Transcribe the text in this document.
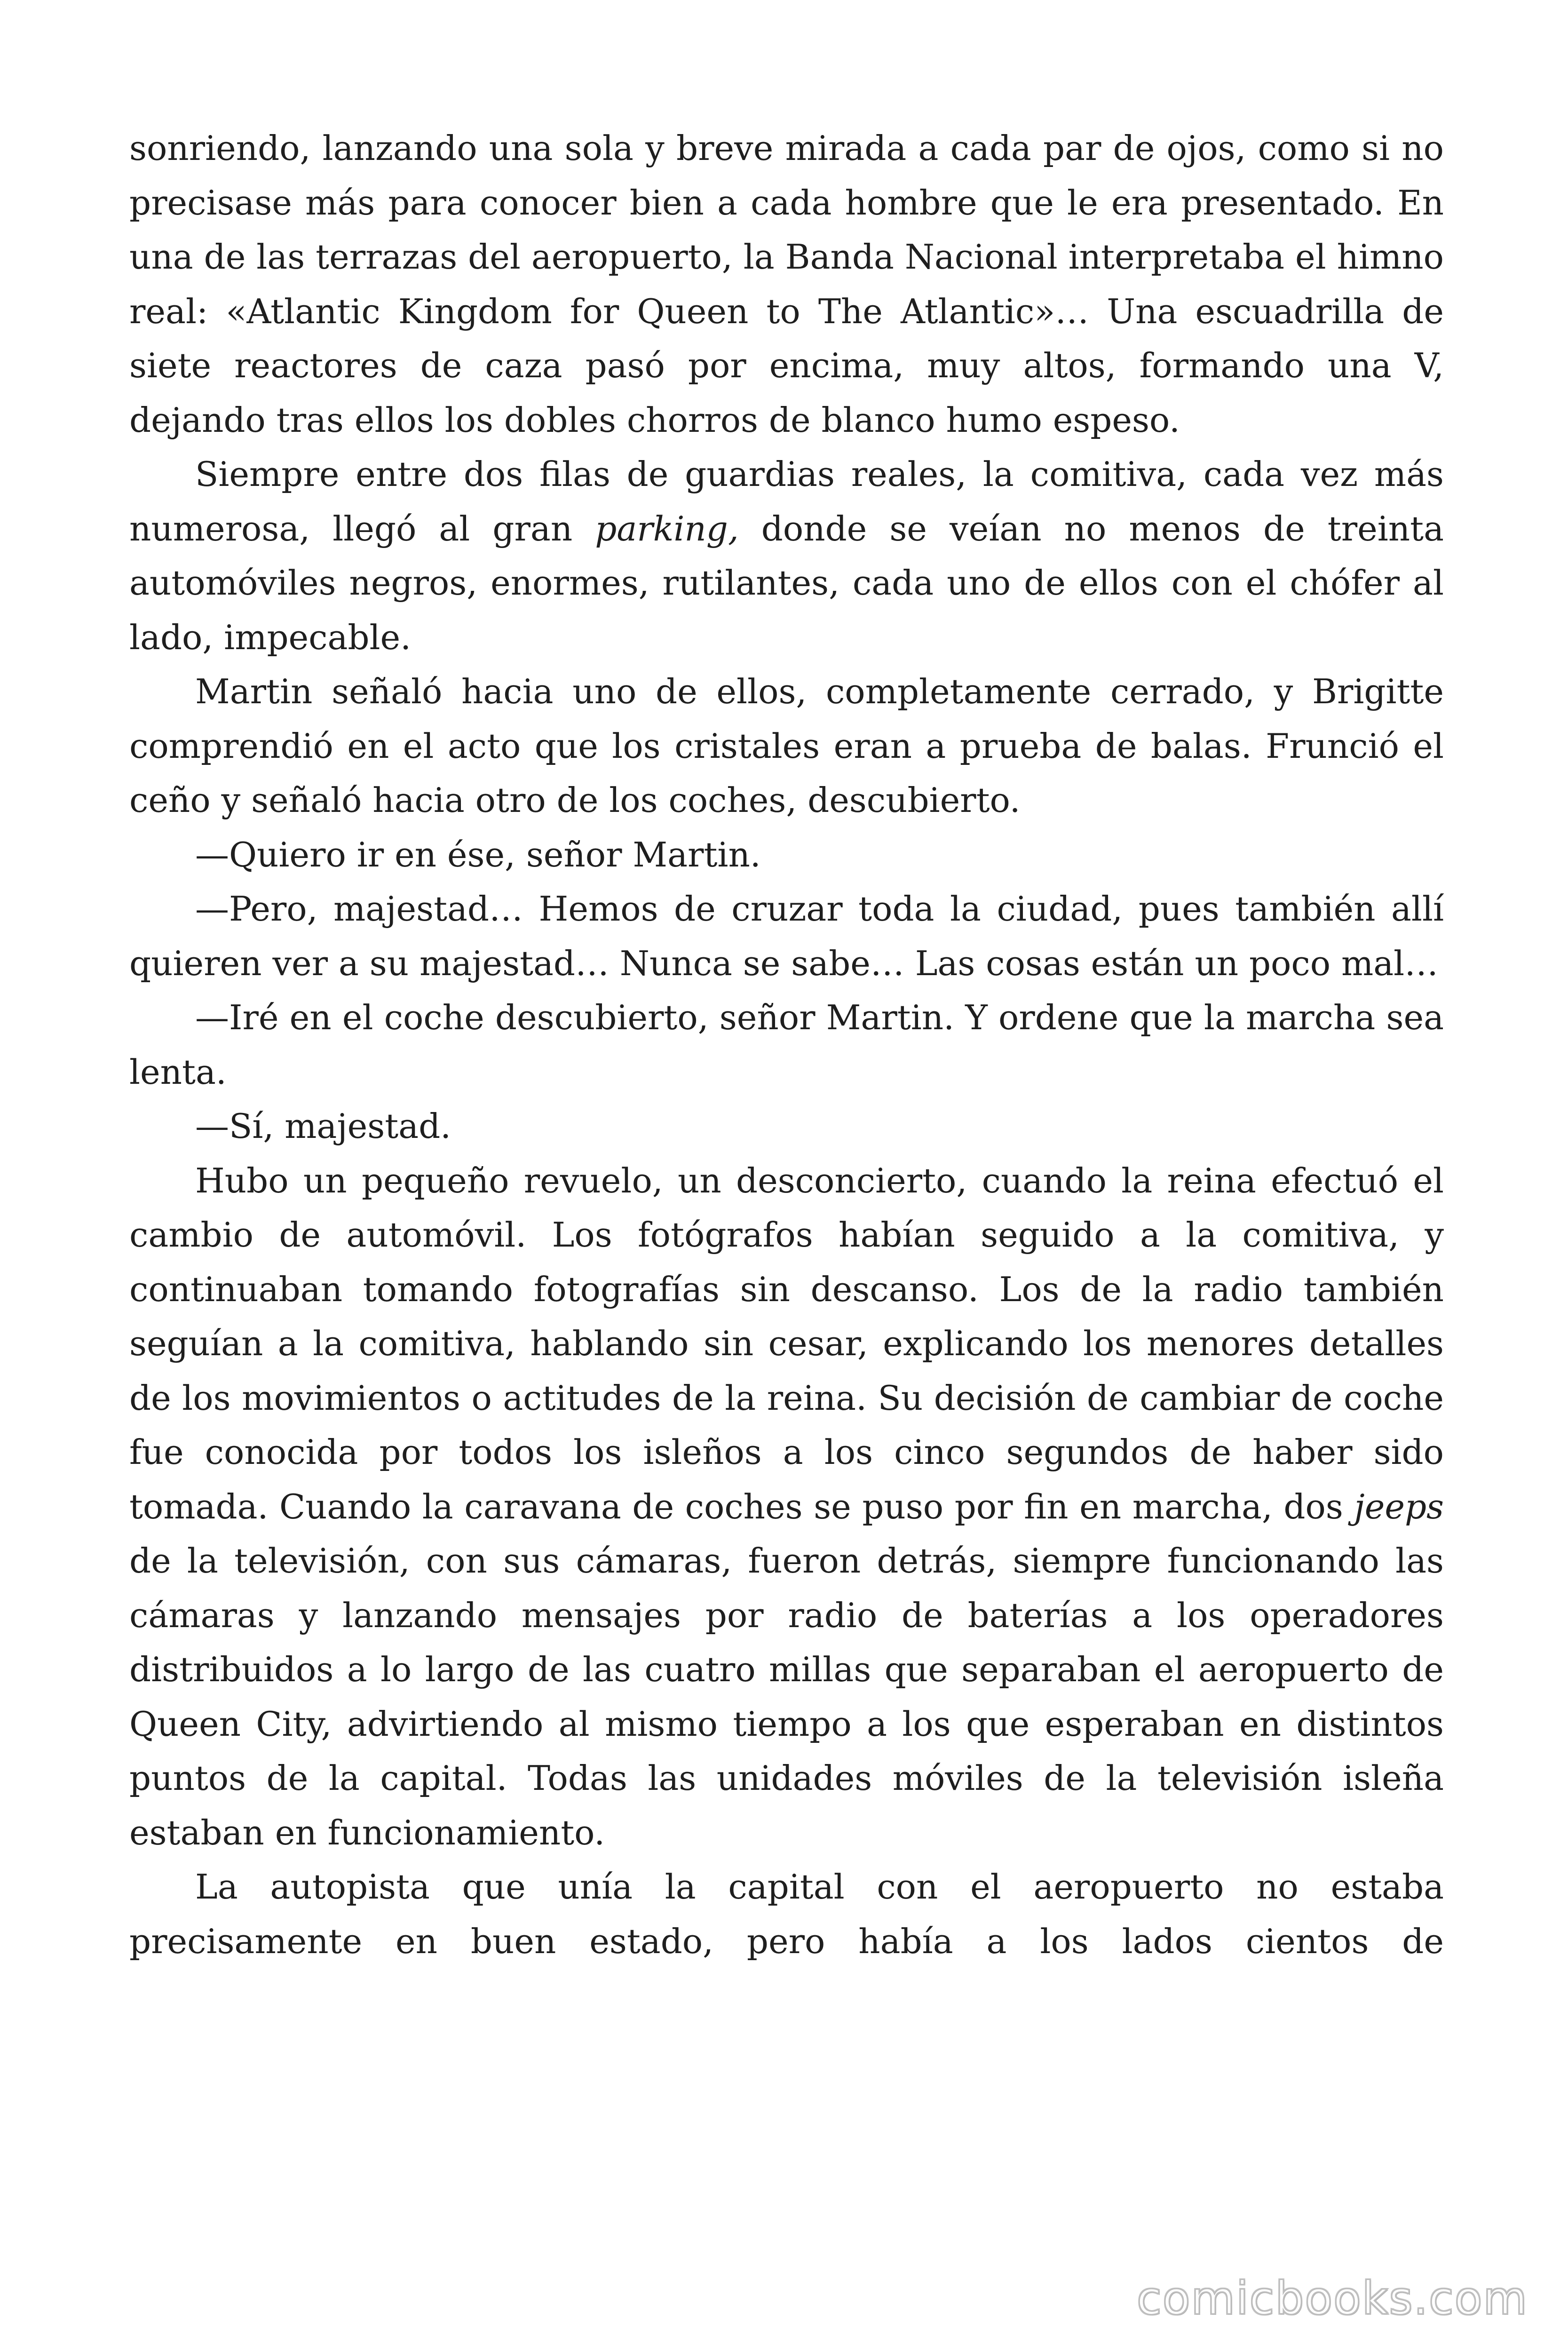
sonriendo, lanzando una sola y breve mirada a cada par de ojos, como si no precisase más para conocer bien a cada hombre que le era presentado. En una de las terrazas del aeropuerto, la Banda Nacional interpretaba el himno real: «Atlantic Kingdom for Queen to The Atlantic»… Una escuadrilla de siete reactores de caza pasó por encima, muy altos, formando una V, dejando tras ellos los dobles chorros de blanco humo espeso.

Siempre entre dos filas de guardias reales, la comitiva, cada vez más numerosa, llegó al gran parking, donde se veían no menos de treinta automóviles negros, enormes, rutilantes, cada uno de ellos con el chófer al lado, impecable.

Martin señaló hacia uno de ellos, completamente cerrado, y Brigitte comprendió en el acto que los cristales eran a prueba de balas. Frunció el ceño y señaló hacia otro de los coches, descubierto.

—Quiero ir en ése, señor Martin.

—Pero, majestad… Hemos de cruzar toda la ciudad, pues también allí quieren ver a su majestad… Nunca se sabe… Las cosas están un poco mal…

—Iré en el coche descubierto, señor Martin. Y ordene que la marcha sea lenta.

—Sí, majestad.

Hubo un pequeño revuelo, un desconcierto, cuando la reina efectuó el cambio de automóvil. Los fotógrafos habían seguido a la comitiva, y continuaban tomando fotografías sin descanso. Los de la radio también seguían a la comitiva, hablando sin cesar, explicando los menores detalles de los movimientos o actitudes de la reina. Su decisión de cambiar de coche fue conocida por todos los isleños a los cinco segundos de haber sido tomada. Cuando la caravana de coches se puso por fin en marcha, dos jeeps de la televisión, con sus cámaras, fueron detrás, siempre funcionando las cámaras y lanzando mensajes por radio de baterías a los operadores distribuidos a lo largo de las cuatro millas que separaban el aeropuerto de Queen City, advirtiendo al mismo tiempo a los que esperaban en distintos puntos de la capital. Todas las unidades móviles de la televisión isleña estaban en funcionamiento.

La autopista que unía la capital con el aeropuerto no estaba precisamente en buen estado, pero había a los lados cientos de

comicbooks.com
